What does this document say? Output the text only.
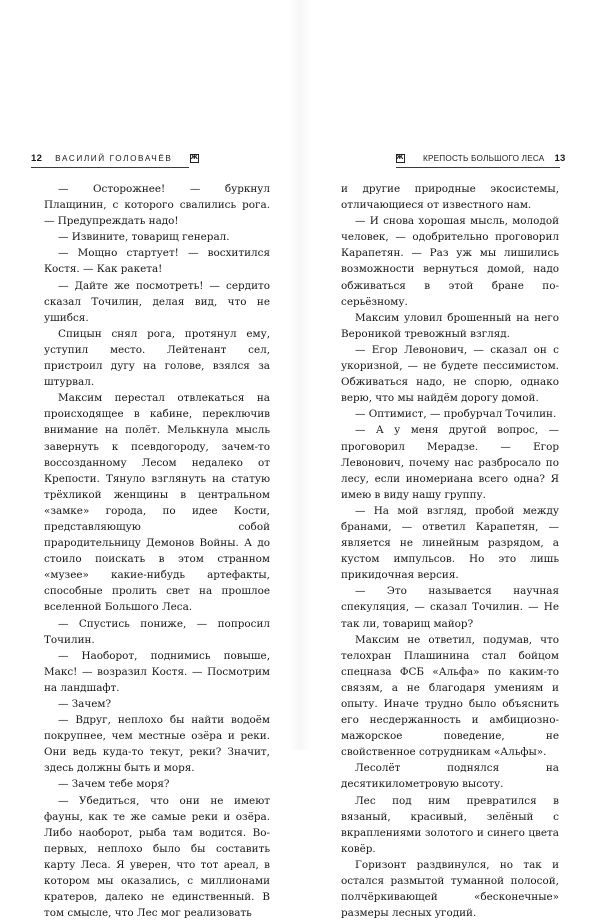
12 ВАСИЛИЙ ГОЛОВАЧЁВ	Ж

— Осторожнее! — буркнул Плащинин, с которого свалились рога. — Предупреждать надо!

— Извините, товарищ генерал.

— Мощно стартует! — восхитился Костя. — Как ракета!

— Дайте же посмотреть! — сердито сказал Точилин, делая вид, что не ушибся.

Спицын снял рога, протянул ему, уступил место. Лейтенант сел, пристроил дугу на голове, взялся за штурвал.

Максим перестал отвлекаться на происходящее в кабине, переключив внимание на полёт. Мелькнула мысль завернуть к псевдогороду, зачем-то воссозданному Лесом недалеко от Крепости. Тянуло взглянуть на статую трёхликой женщины в центральном «замке» города, по идее Кости, представляющую собой прародительницу Демонов Войны. А до стоило поискать в этом странном «музее» какие-нибудь артефакты, способные пролить свет на прошлое вселенной Большого Леса.

— Спустись пониже, — попросил Точилин.

— Наоборот, поднимись повыше, Макс! — возразил Костя. — Посмотрим на ландшафт.

— Зачем?

— Вдруг, неплохо бы найти водоём покрупнее, чем местные озёра и реки. Они ведь куда-то текут, реки? Значит, здесь должны быть и моря.

— Зачем тебе моря?

— Убедиться, что они не имеют фауны, как те же самые реки и озёра. Либо наоборот, рыба там водится. Во-первых, неплохо было бы составить карту Леса. Я уверен, что тот ареал, в котором мы оказались, с миллионами кратеров, далеко не единственный. В том смысле, что Лес мог реализовать

Ж КРЕПОСТЬ БОЛЬШОГО ЛЕСА 13

и другие природные экосистемы, отличающиеся от известного нам.

— И снова хорошая мысль, молодой человек, — одобрительно проговорил Карапетян. — Раз уж мы лишились возможности вернуться домой, надо обживаться в этой бране по-серьёзному.

Максим уловил брошенный на него Вероникой тревожный взгляд.

— Егор Левонович, — сказал он с укоризной, — не будете пессимистом. Обживаться надо, не спорю, однако верю, что мы найдём дорогу домой.

— Оптимист, — пробурчал Точилин.

— А у меня другой вопрос, — проговорил Мерадзе. — Егор Левонович, почему нас разбросало по лесу, если иномериана всего одна? Я имею в виду нашу группу.

— На мой взгляд, пробой между бранами, — ответил Карапетян, — является не линейным разрядом, а кустом импульсов. Но это лишь прикидочная версия.

— Это называется научная спекуляция, — сказал Точилин. — Не так ли, товарищ майор?

Максим не ответил, подумав, что телохран Плашинина стал бойцом спецназа ФСБ «Альфа» по каким-то связям, а не благодаря умениям и опыту. Иначе трудно было объяснить его несдержанность и амбициозно-мажорское поведение, не свойственное сотрудникам «Альфы».

Лесолёт поднялся на десятикилометровую высоту.

Лес под ним превратился в вязаный, красивый, зелёный с вкраплениями золотого и синего цвета ковёр.

Горизонт раздвинулся, но так и остался размытой туманной полосой, полчёркивающей «бесконечные» размеры лесных угодий.
